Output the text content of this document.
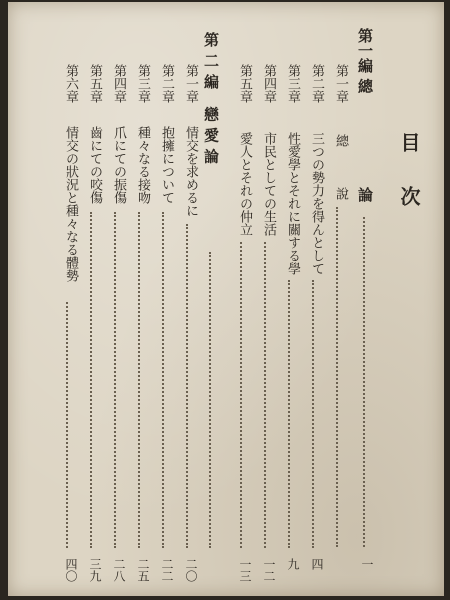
目次
第一編 總
論
一
第一章
總
說
第二章
三つの勢力を得んとして
四
第三章
性愛學とそれに關する學
九
第四章
市民としての生活
一二
第五章
愛人とそれの仲立
一三
第二編 戀愛論
第一章
情交を求めるに
二〇
第二章
抱擁について
二二
第三章
種々なる接吻
二五
第四章
爪にての振傷
二八
第五章
齒にての咬傷
三九
第六章
情交の狀況と種々なる體勢
四〇
